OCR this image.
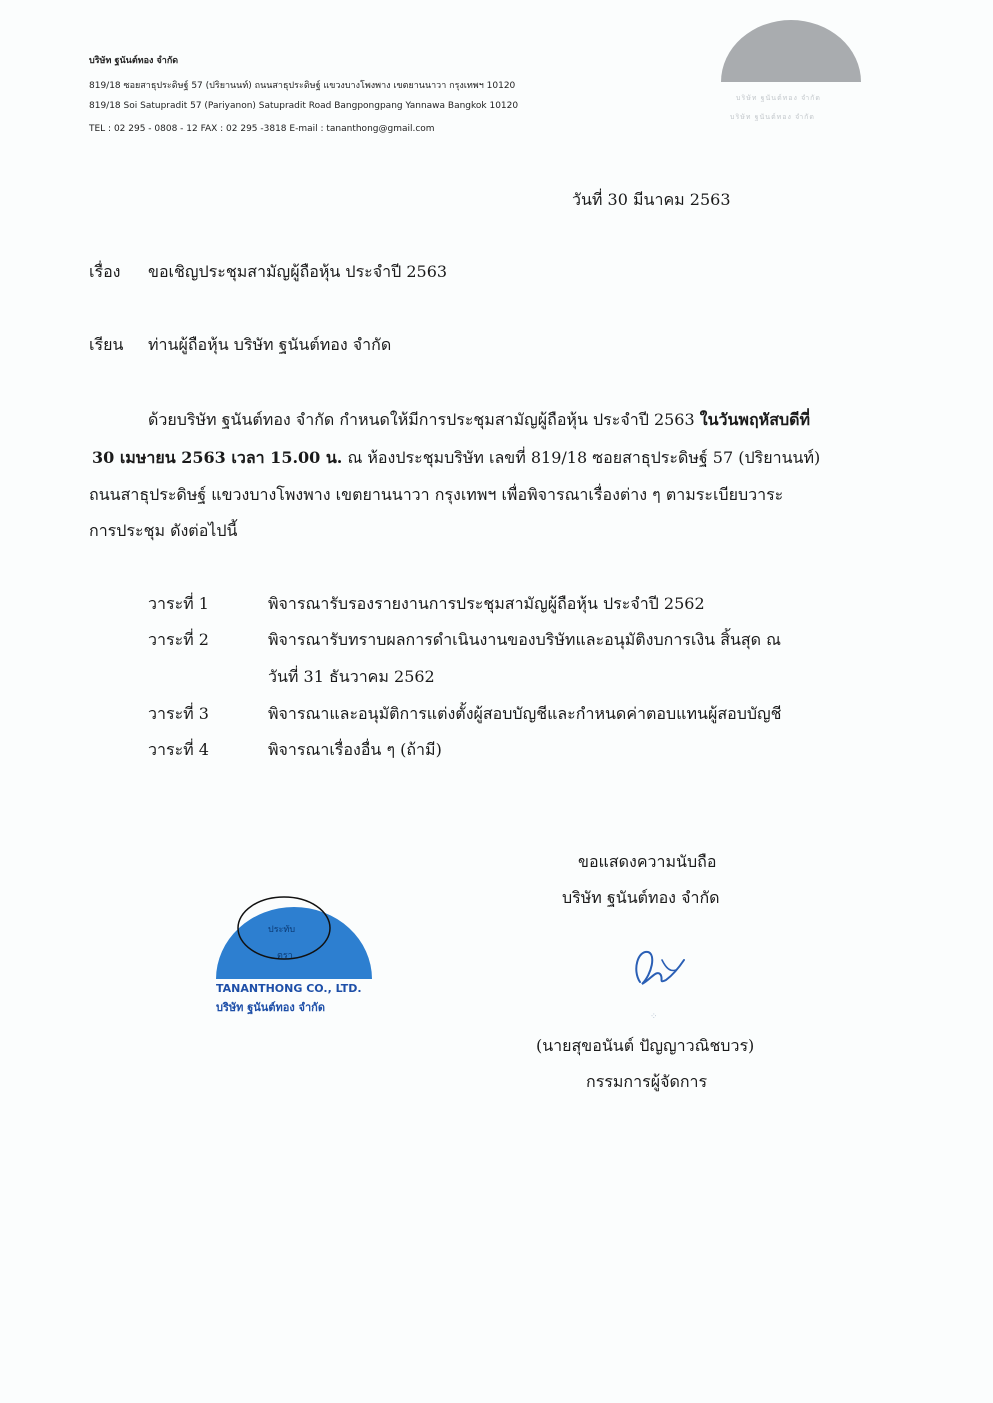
บริษัท ฐนันต์ทอง จำกัด
819/18 ซอยสาธุประดิษฐ์ 57 (ปริยานนท์) ถนนสาธุประดิษฐ์ แขวงบางโพงพาง เขตยานนาวา กรุงเทพฯ 10120
819/18 Soi Satupradit 57 (Pariyanon) Satupradit Road Bangpongpang Yannawa Bangkok 10120
TEL : 02 295 - 0808 - 12 FAX : 02 295 -3818 E-mail : tananthong@gmail.com
บริษัท ฐนันต์ทอง จำกัด
บริษัท ฐนันต์ทอง จำกัด
วันที่ 30 มีนาคม 2563
เรื่อง ขอเชิญประชุมสามัญผู้ถือหุ้น ประจำปี 2563
เรียน ท่านผู้ถือหุ้น บริษัท ฐนันต์ทอง จำกัด
ด้วยบริษัท ฐนันต์ทอง จำกัด กำหนดให้มีการประชุมสามัญผู้ถือหุ้น ประจำปี 2563 ในวันพฤหัสบดีที่
30 เมษายน 2563 เวลา 15.00 น. ณ ห้องประชุมบริษัท เลขที่ 819/18 ซอยสาธุประดิษฐ์ 57 (ปริยานนท์)
ถนนสาธุประดิษฐ์ แขวงบางโพงพาง เขตยานนาวา กรุงเทพฯ เพื่อพิจารณาเรื่องต่าง ๆ ตามระเบียบวาระ
การประชุม ดังต่อไปนี้
วาระที่ 1	พิจารณารับรองรายงานการประชุมสามัญผู้ถือหุ้น ประจำปี 2562
วาระที่ 2	พิจารณารับทราบผลการดำเนินงานของบริษัทและอนุมัติงบการเงิน สิ้นสุด ณ
วันที่ 31 ธันวาคม 2562
วาระที่ 3	พิจารณาและอนุมัติการแต่งตั้งผู้สอบบัญชีและกำหนดค่าตอบแทนผู้สอบบัญชี
วาระที่ 4	พิจารณาเรื่องอื่น ๆ (ถ้ามี)
ขอแสดงความนับถือ
บริษัท ฐนันต์ทอง จำกัด
⁘
(นายสุขอนันต์ ปัญญาวณิชบวร)
กรรมการผู้จัดการ
ประทับ
ตรา
TANANTHONG CO., LTD.
บริษัท ฐนันต์ทอง จำกัด
